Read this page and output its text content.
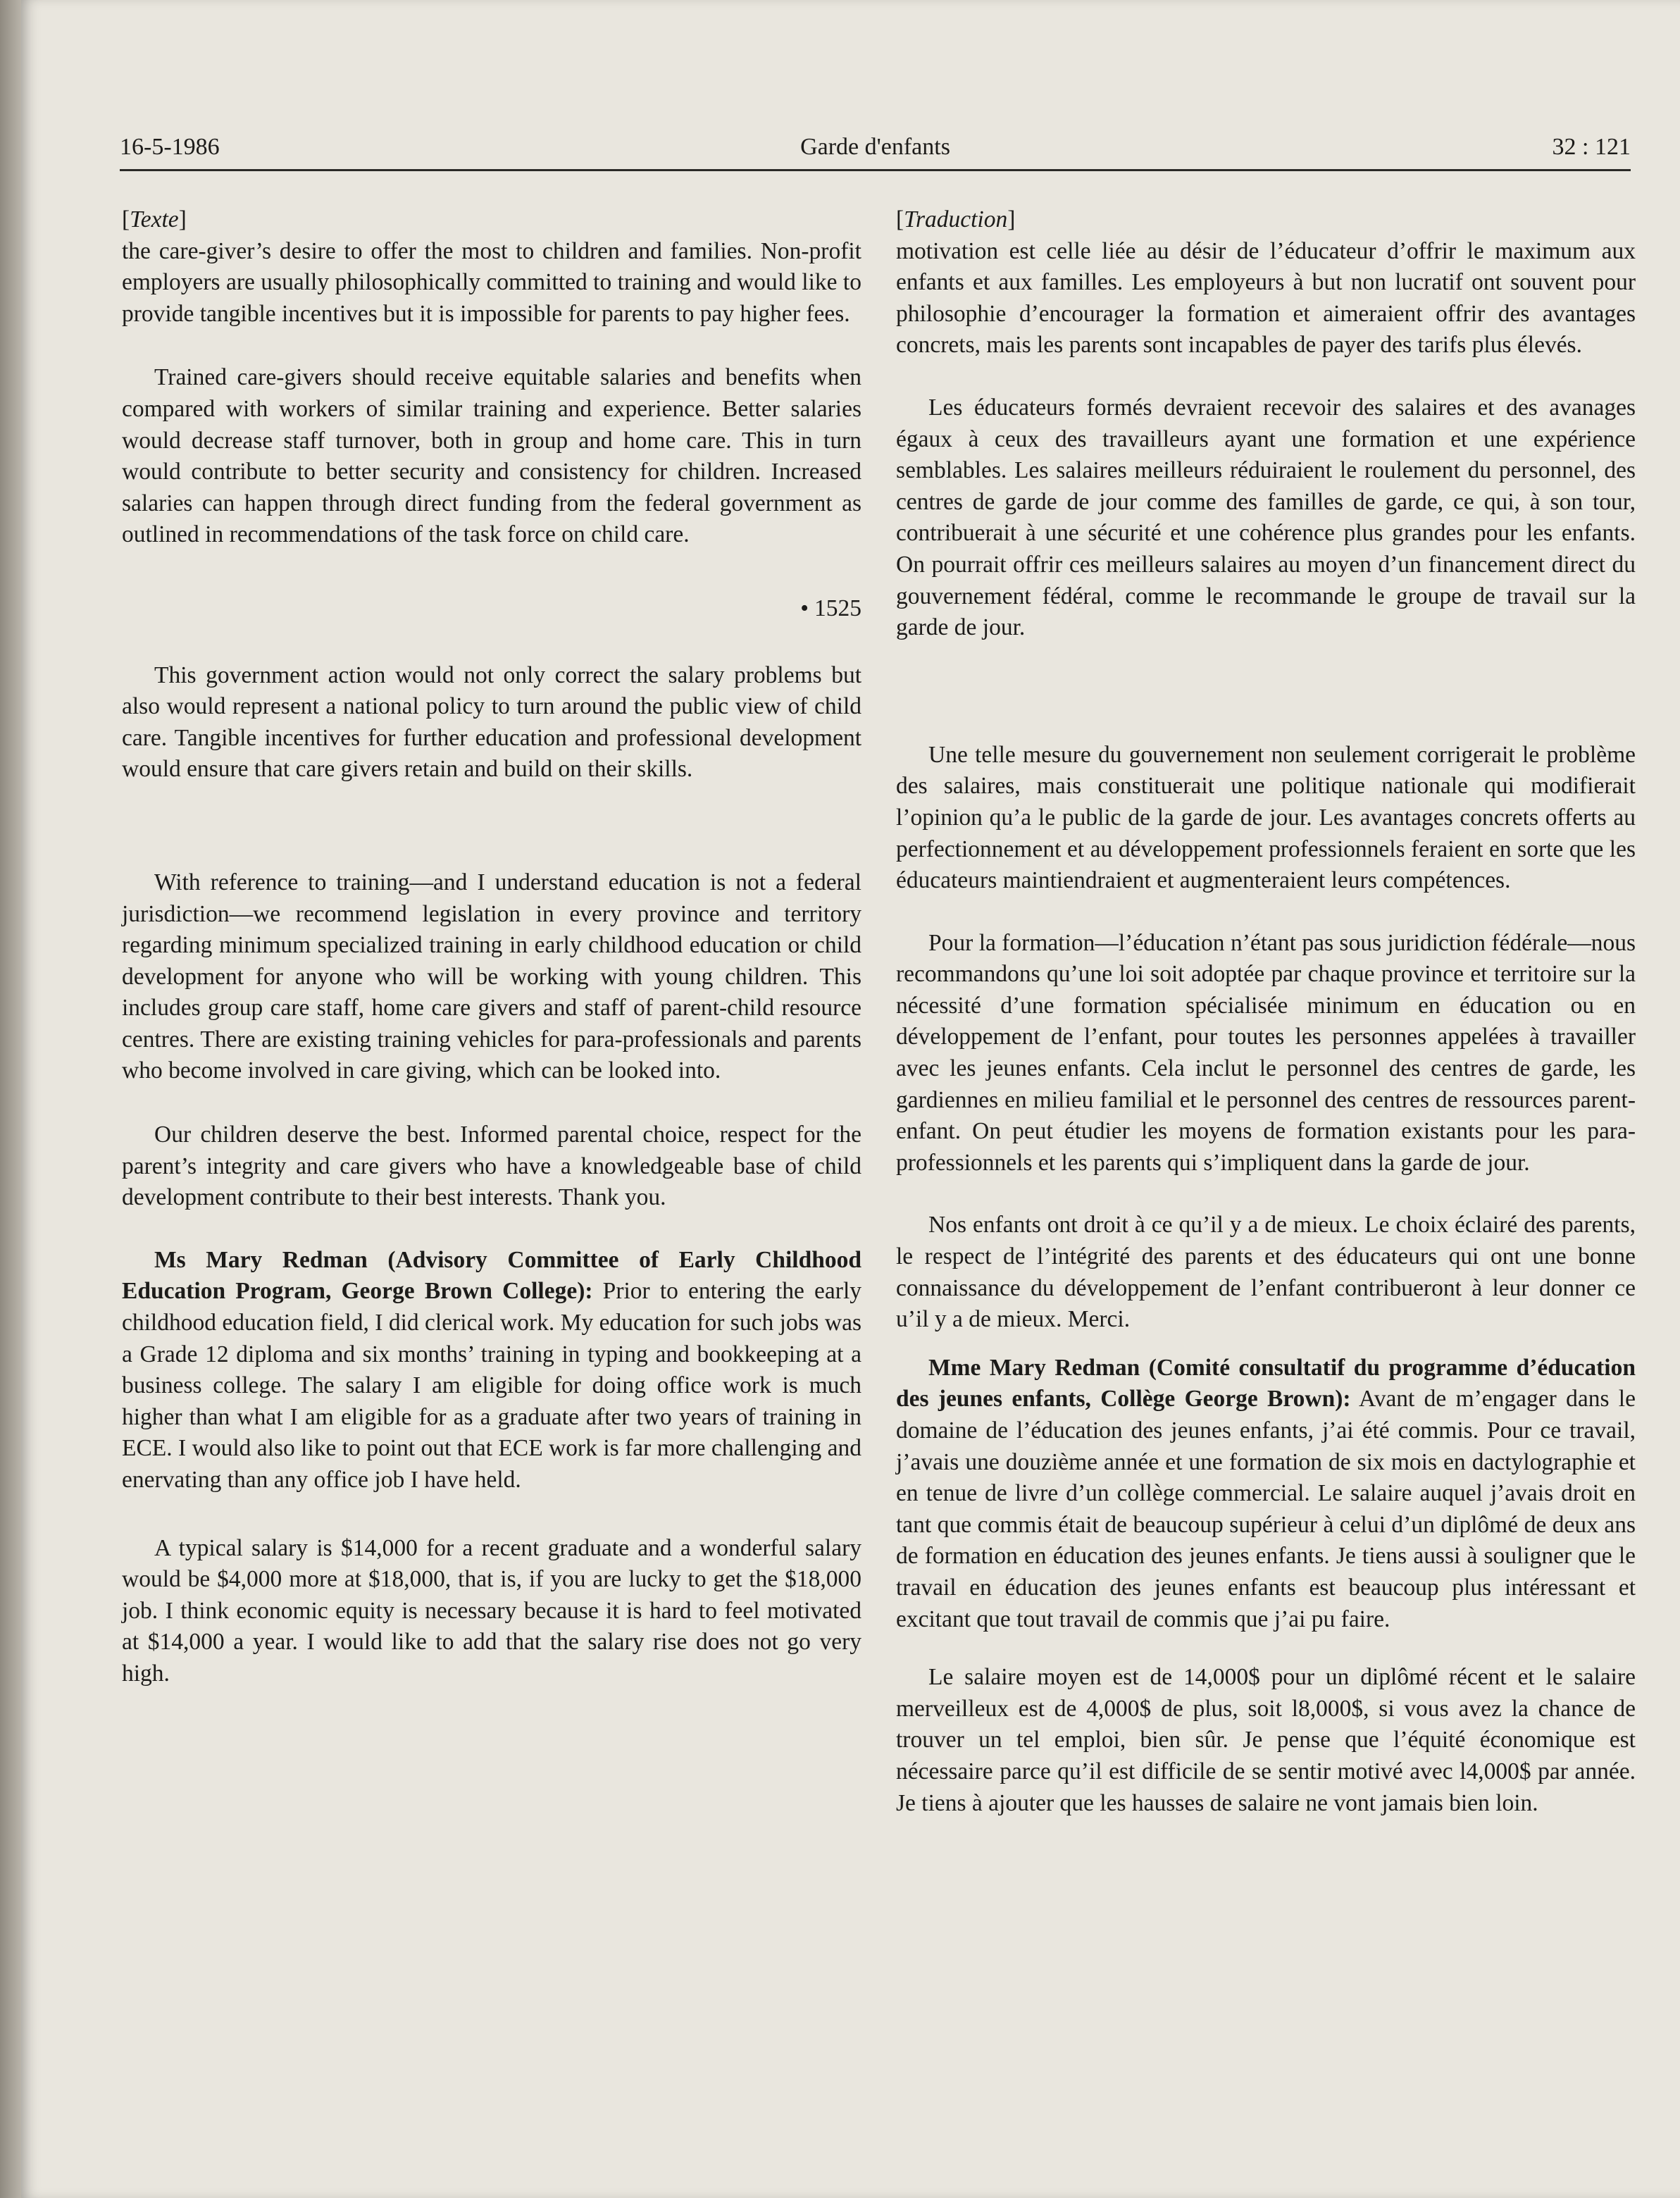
16-5-1986	Garde d'enfants	32 : 121

[Texte]

the care-giver’s desire to offer the most to children and families. Non-profit employers are usually philosophically committed to training and would like to provide tangible incentives but it is impossible for parents to pay higher fees.

Trained care-givers should receive equitable salaries and benefits when compared with workers of similar training and experience. Better salaries would decrease staff turnover, both in group and home care. This in turn would contribute to better security and consistency for children. Increased salaries can happen through direct funding from the federal government as outlined in recommendations of the task force on child care.

• 1525

This government action would not only correct the salary problems but also would represent a national policy to turn around the public view of child care. Tangible incentives for further education and professional development would ensure that care givers retain and build on their skills.

With reference to training—and I understand education is not a federal jurisdiction—we recommend legislation in every province and territory regarding minimum specialized training in early childhood education or child development for anyone who will be working with young children. This includes group care staff, home care givers and staff of parent-child resource centres. There are existing training vehicles for para-professionals and parents who become involved in care giving, which can be looked into.

Our children deserve the best. Informed parental choice, respect for the parent’s integrity and care givers who have a knowledgeable base of child development contribute to their best interests. Thank you.

Ms Mary Redman (Advisory Committee of Early Childhood Education Program, George Brown College): Prior to entering the early childhood education field, I did clerical work. My education for such jobs was a Grade 12 diploma and six months’ training in typing and bookkeeping at a business college. The salary I am eligible for doing office work is much higher than what I am eligible for as a graduate after two years of training in ECE. I would also like to point out that ECE work is far more challenging and enervating than any office job I have held.

A typical salary is $14,000 for a recent graduate and a wonderful salary would be $4,000 more at $18,000, that is, if you are lucky to get the $18,000 job. I think economic equity is necessary because it is hard to feel motivated at $14,000 a year. I would like to add that the salary rise does not go very high.

[Traduction]

motivation est celle liée au désir de l’éducateur d’offrir le maximum aux enfants et aux familles. Les employeurs à but non lucratif ont souvent pour philosophie d’encourager la formation et aimeraient offrir des avantages concrets, mais les parents sont incapables de payer des tarifs plus élevés.

Les éducateurs formés devraient recevoir des salaires et des avanages égaux à ceux des travailleurs ayant une formation et une expérience semblables. Les salaires meilleurs réduiraient le roulement du personnel, des centres de garde de jour comme des familles de garde, ce qui, à son tour, contribuerait à une sécurité et une cohérence plus grandes pour les enfants. On pourrait offrir ces meilleurs salaires au moyen d’un financement direct du gouvernement fédéral, comme le recommande le groupe de travail sur la garde de jour.

Une telle mesure du gouvernement non seulement corrigerait le problème des salaires, mais constituerait une politique nationale qui modifierait l’opinion qu’a le public de la garde de jour. Les avantages concrets offerts au perfectionnement et au développement professionnels feraient en sorte que les éducateurs maintiendraient et augmenteraient leurs compétences.

Pour la formation—l’éducation n’étant pas sous juridiction fédérale—nous recommandons qu’une loi soit adoptée par chaque province et territoire sur la nécessité d’une formation spécialisée minimum en éducation ou en développement de l’enfant, pour toutes les personnes appelées à travailler avec les jeunes enfants. Cela inclut le personnel des centres de garde, les gardiennes en milieu familial et le personnel des centres de ressources parent-enfant. On peut étudier les moyens de formation existants pour les para-professionnels et les parents qui s’impliquent dans la garde de jour.

Nos enfants ont droit à ce qu’il y a de mieux. Le choix éclairé des parents, le respect de l’intégrité des parents et des éducateurs qui ont une bonne connaissance du développement de l’enfant contribueront à leur donner ce u’il y a de mieux. Merci.

Mme Mary Redman (Comité consultatif du programme d’éducation des jeunes enfants, Collège George Brown): Avant de m’engager dans le domaine de l’éducation des jeunes enfants, j’ai été commis. Pour ce travail, j’avais une douzième année et une formation de six mois en dactylographie et en tenue de livre d’un collège commercial. Le salaire auquel j’avais droit en tant que commis était de beaucoup supérieur à celui d’un diplômé de deux ans de formation en éducation des jeunes enfants. Je tiens aussi à souligner que le travail en éducation des jeunes enfants est beaucoup plus intéressant et excitant que tout travail de commis que j’ai pu faire.

Le salaire moyen est de 14,000$ pour un diplômé récent et le salaire merveilleux est de 4,000$ de plus, soit l8,000$, si vous avez la chance de trouver un tel emploi, bien sûr. Je pense que l’équité économique est nécessaire parce qu’il est difficile de se sentir motivé avec l4,000$ par année. Je tiens à ajouter que les hausses de salaire ne vont jamais bien loin.
